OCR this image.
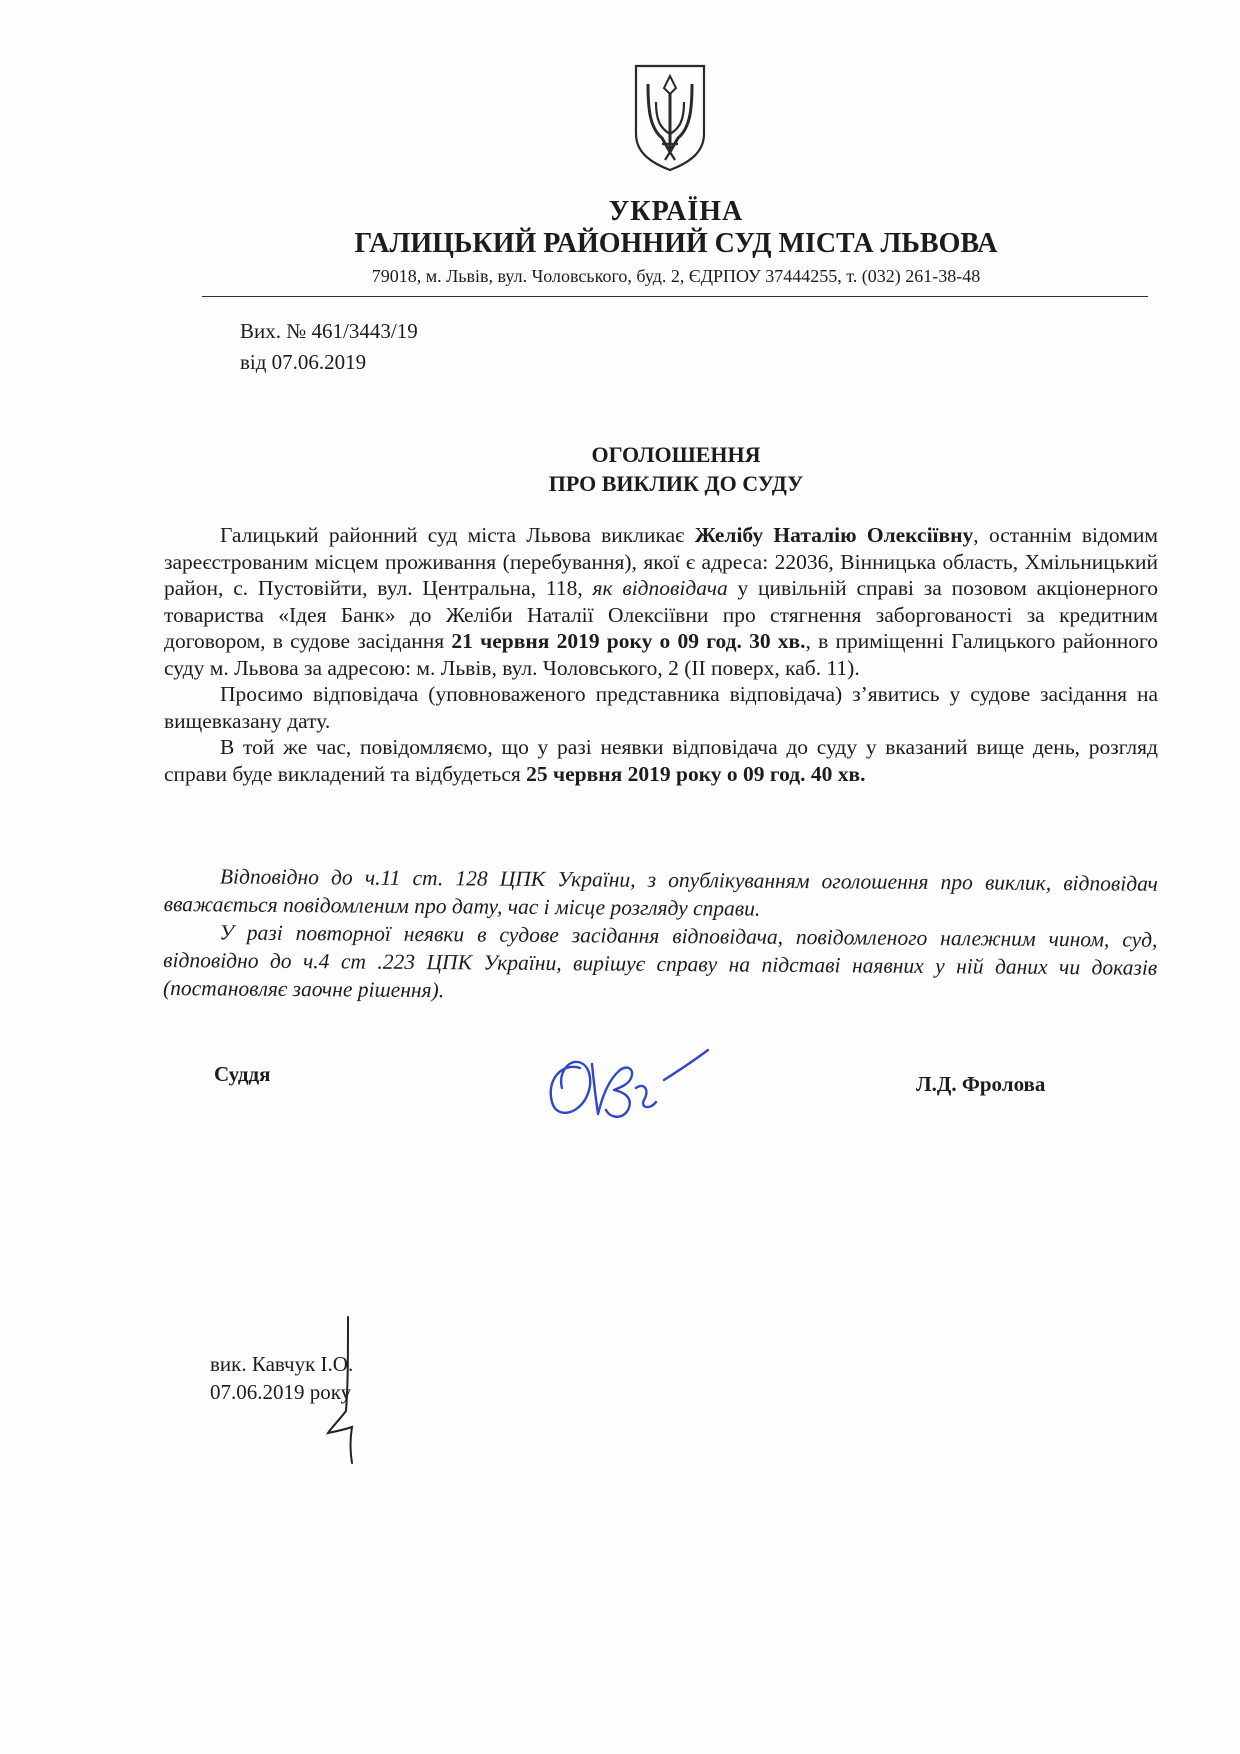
УКРАЇНА
ГАЛИЦЬКИЙ РАЙОННИЙ СУД МІСТА ЛЬВОВА
79018, м. Львів, вул. Чоловського, буд. 2, ЄДРПОУ 37444255, т. (032) 261-38-48
Вих. № 461/3443/19
від 07.06.2019
ОГОЛОШЕННЯ
ПРО ВИКЛИК ДО СУДУ

Галицький районний суд міста Львова викликає Желібу Наталію Олексіївну, останнім відомим зареєстрованим місцем проживання (перебування), якої є адреса: 22036, Вінницька область, Хмільницький район, с. Пустовійти, вул. Центральна, 118, як відповідача у цивільній справі за позовом акціонерного товариства «Ідея Банк» до Желіби Наталії Олексіївни про стягнення заборгованості за кредитним договором, в судове засідання 21 червня 2019 року о 09 год. 30 хв., в приміщенні Галицького районного суду м. Львова за адресою: м. Львів, вул. Чоловського, 2 (ІІ поверх, каб. 11).

Просимо відповідача (уповноваженого представника відповідача) з’явитись у судове засідання на вищевказану дату.

В той же час, повідомляємо, що у разі неявки відповідача до суду у вказаний вище день, розгляд справи буде викладений та відбудеться 25 червня 2019 року о 09 год. 40 хв.

Відповідно до ч.11 ст. 128 ЦПК України, з опублікуванням оголошення про виклик, відповідач вважається повідомленим про дату, час і місце розгляду справи.

У разі повторної неявки в судове засідання відповідача, повідомленого належним чином, суд, відповідно до ч.4 ст .223 ЦПК України, вирішує справу на підставі наявних у ній даних чи доказів (постановляє заочне рішення).

Суддя	Л.Д. Фролова
вик. Кавчук І.О.
07.06.2019 року
